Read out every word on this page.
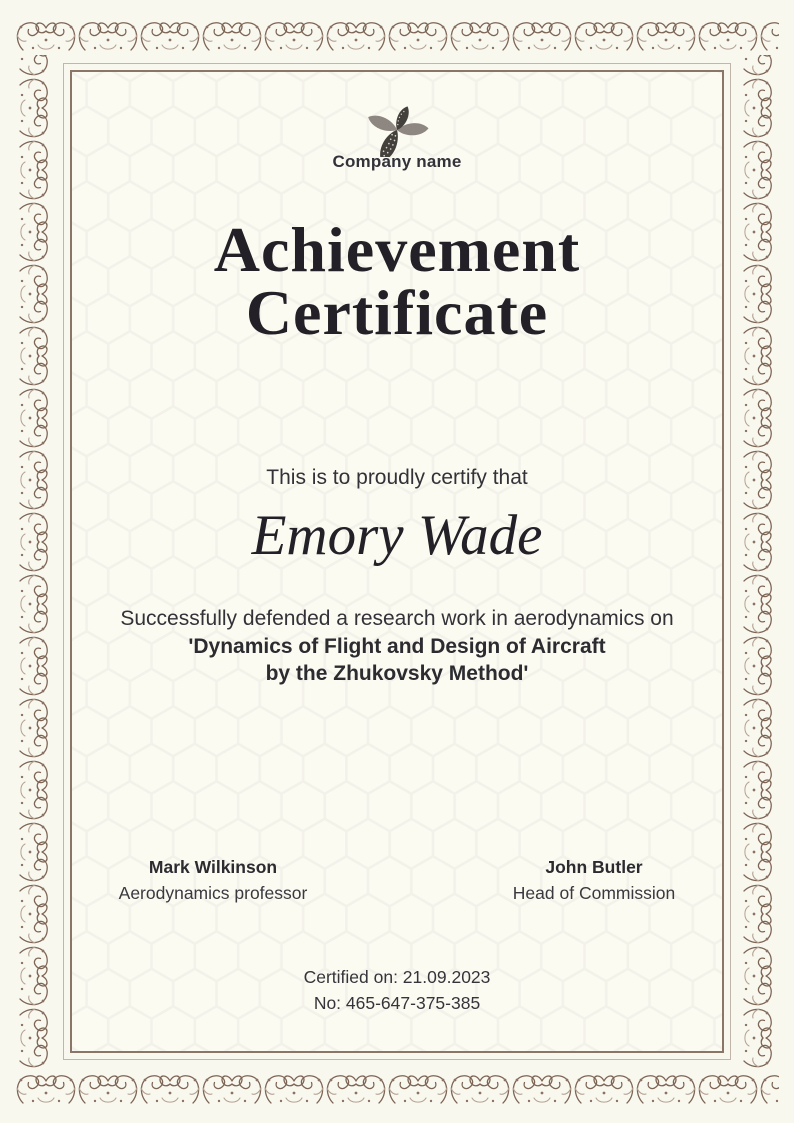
Company name
Achievement
Certificate
This is to proudly certify that
Emory Wade
Successfully defended a research work in aerodynamics on
'Dynamics of Flight and Design of Aircraft
by the Zhukovsky Method'
Mark Wilkinson
Aerodynamics professor
John Butler
Head of Commission
Certified on: 21.09.2023
No: 465-647-375-385
